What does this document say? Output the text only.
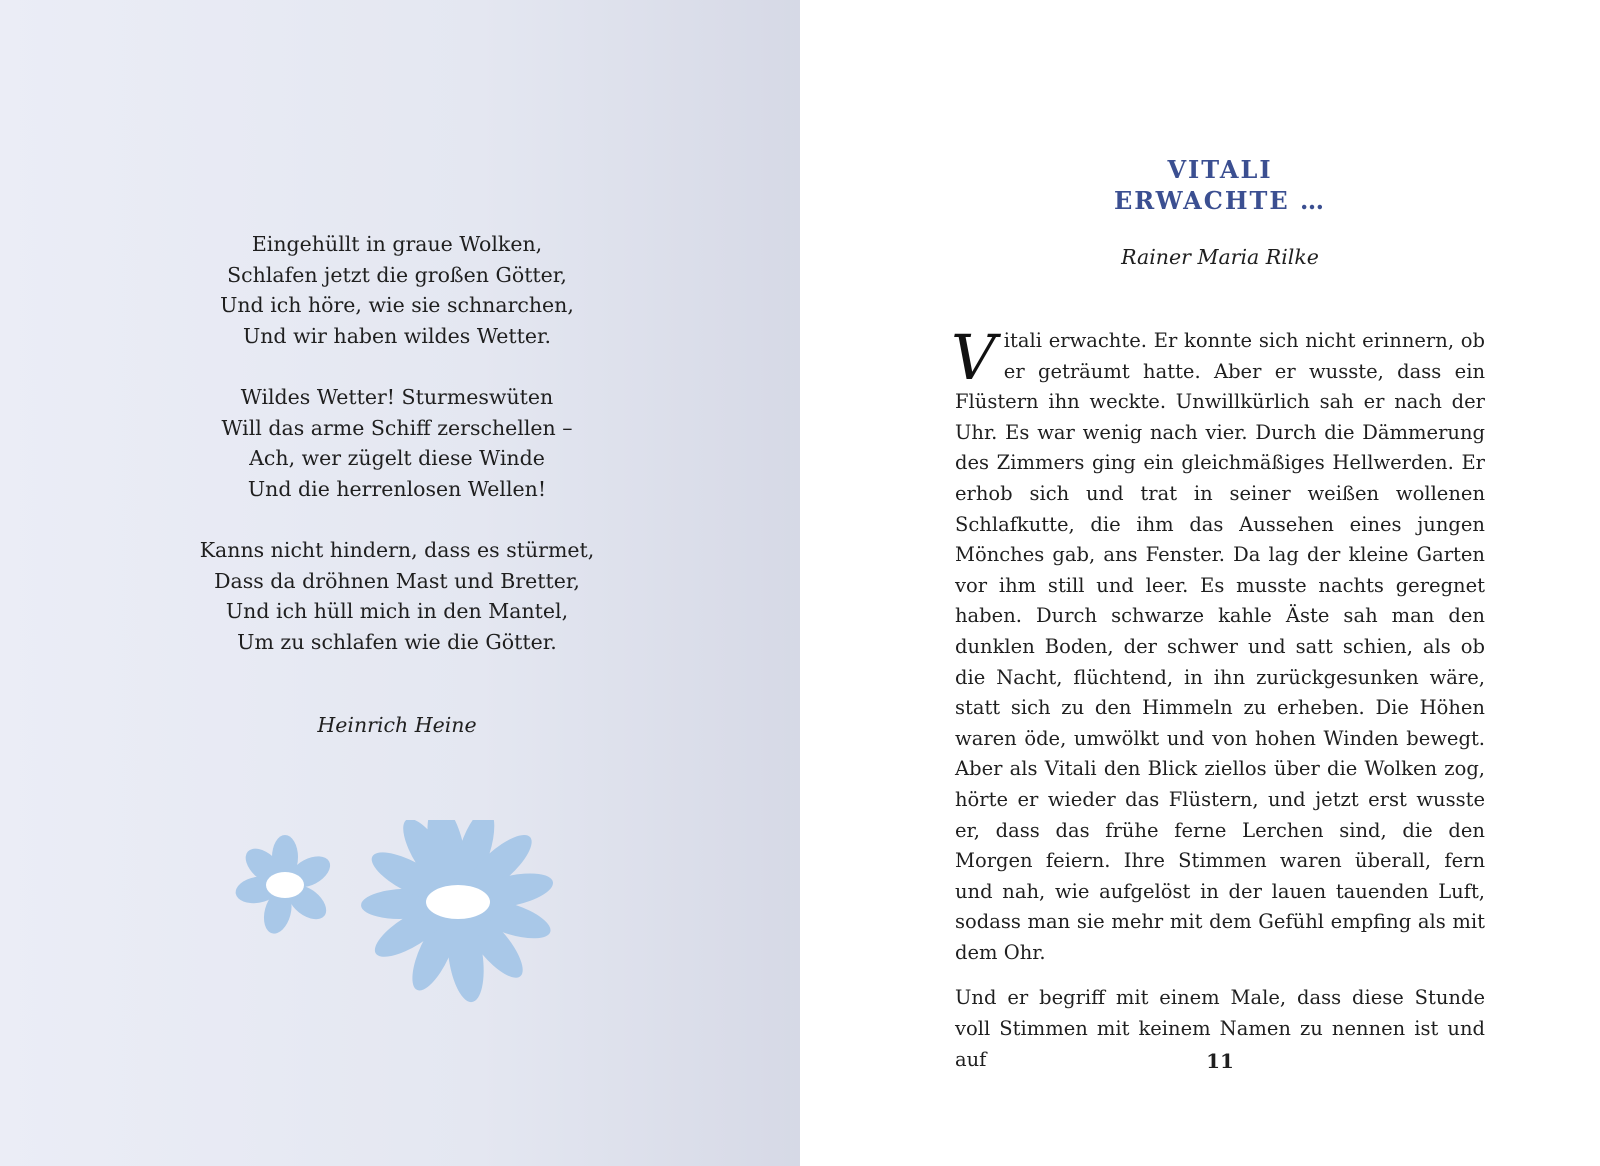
Eingehüllt in graue Wolken,
Schlafen jetzt die großen Götter,
Und ich höre, wie sie schnarchen,
Und wir haben wildes Wetter.
Wildes Wetter! Sturmeswüten
Will das arme Schiff zerschellen –
Ach, wer zügelt diese Winde
Und die herrenlosen Wellen!
Kanns nicht hindern, dass es stürmet,
Dass da dröhnen Mast und Bretter,
Und ich hüll mich in den Mantel,
Um zu schlafen wie die Götter.
Heinrich Heine
VITALI
ERWACHTE …
Rainer Maria Rilke

Vitali erwachte. Er konnte sich nicht erinnern, ob er geträumt hatte. Aber er wusste, dass ein Flüstern ihn weckte. Unwillkürlich sah er nach der Uhr. Es war wenig nach vier. Durch die Dämmerung des Zimmers ging ein gleichmäßiges Hellwerden. Er erhob sich und trat in seiner weißen wollenen Schlafkutte, die ihm das Aussehen eines jungen Mönches gab, ans Fenster. Da lag der kleine Garten vor ihm still und leer. Es musste nachts geregnet haben. Durch schwarze kahle Äste sah man den dunklen Boden, der schwer und satt schien, als ob die Nacht, flüchtend, in ihn zurückgesunken wäre, statt sich zu den Himmeln zu erheben. Die Höhen waren öde, umwölkt und von hohen Winden bewegt. Aber als Vitali den Blick ziellos über die Wolken zog, hörte er wieder das Flüstern, und jetzt erst wusste er, dass das frühe ferne Lerchen sind, die den Morgen feiern. Ihre Stimmen waren überall, fern und nah, wie aufgelöst in der lauen tauenden Luft, sodass man sie mehr mit dem Gefühl empfing als mit dem Ohr.

Und er begriff mit einem Male, dass diese Stunde voll Stimmen mit keinem Namen zu nennen ist und auf	11
